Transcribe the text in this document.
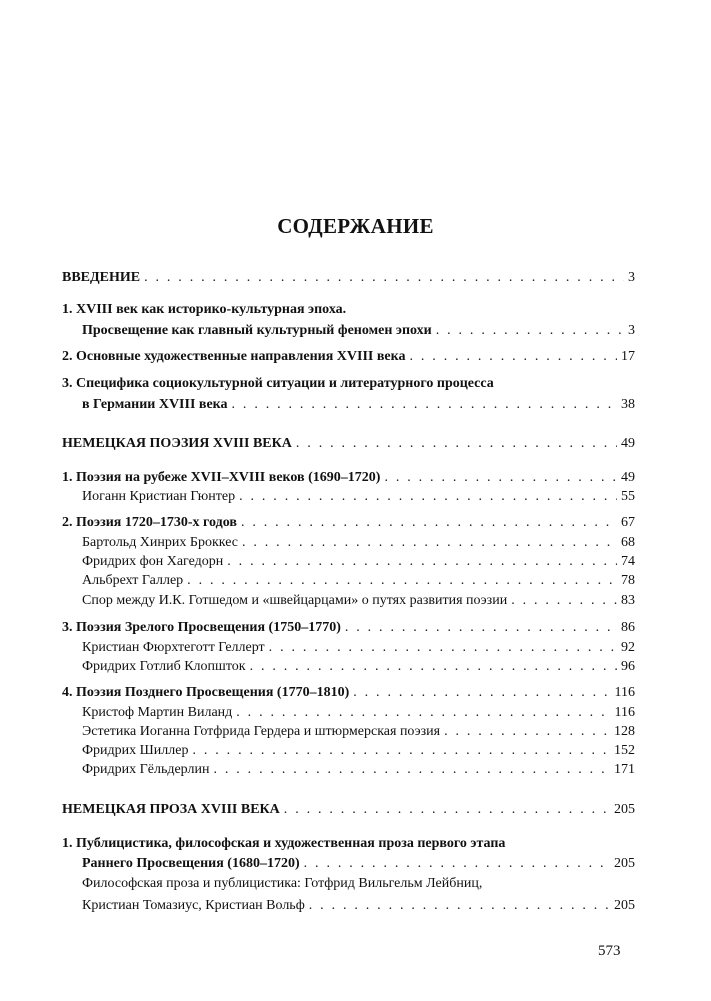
СОДЕРЖАНИЕ
ВВЕДЕНИЕ . . .	3
1. XVIII век как историко-культурная эпоха.
Просвещение как главный культурный феномен эпохи . . .	3
2. Основные художественные направления XVIII века . . .	17
3. Специфика социокультурной ситуации и литературного процесса
в Германии XVIII века . . .	38
НЕМЕЦКАЯ ПОЭЗИЯ XVIII ВЕКА . . .	49
1. Поэзия на рубеже XVII–XVIII веков (1690–1720) . . .	49
Иоганн Кристиан Гюнтер . . .	55
2. Поэзия 1720–1730-х годов . . .	67
Бартольд Хинрих Броккес . . .	68
Фридрих фон Хагедорн . . .	74
Альбрехт Галлер . . .	78
Спор между И.К. Готшедом и «швейцарцами» о путях развития поэзии . . .	83
3. Поэзия Зрелого Просвещения (1750–1770) . . .	86
Кристиан Фюрхтеготт Геллерт . . .	92
Фридрих Готлиб Клопшток . . .	96
4. Поэзия Позднего Просвещения (1770–1810) . . .	116
Кристоф Мартин Виланд . . .	116
Эстетика Иоганна Готфрида Гердера и штюрмерская поэзия . . .	128
Фридрих Шиллер . . .	152
Фридрих Гёльдерлин . . .	171
НЕМЕЦКАЯ ПРОЗА XVIII ВЕКА . . .	205
1. Публицистика, философская и художественная проза первого этапа
Раннего Просвещения (1680–1720) . . .	205
Философская проза и публицистика: Готфрид Вильгельм Лейбниц,
Кристиан Томазиус, Кристиан Вольф . . .	205
573
